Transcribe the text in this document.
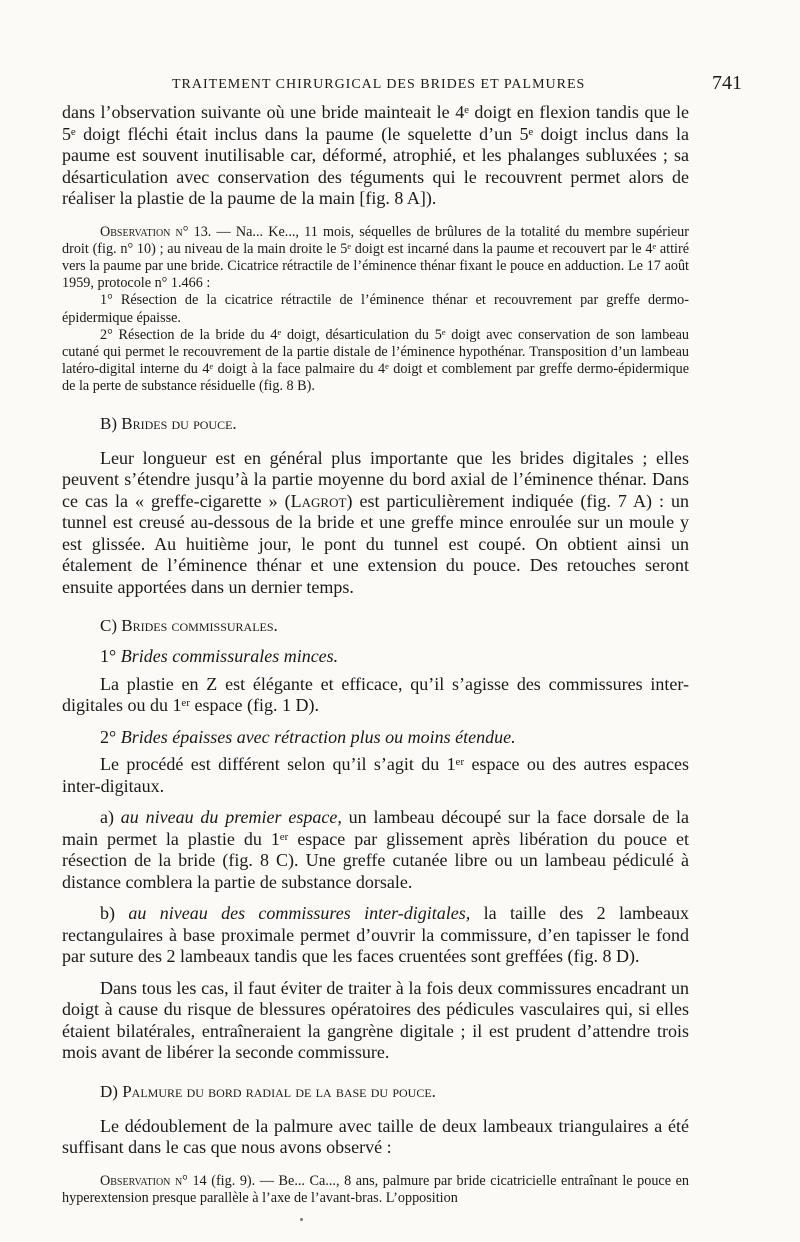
TRAITEMENT CHIRURGICAL DES BRIDES ET PALMURES	741

dans l’observation suivante où une bride mainteait le 4ᵉ doigt en flexion tandis que le 5ᵉ doigt fléchi était inclus dans la paume (le squelette d’un 5ᵉ doigt inclus dans la paume est souvent inutilisable car, déformé, atrophié, et les phalanges subluxées ; sa désarticulation avec conservation des téguments qui le recouvrent permet alors de réaliser la plastie de la paume de la main [fig. 8 A]).

Observation n° 13. — Na... Ke..., 11 mois, séquelles de brûlures de la totalité du membre supérieur droit (fig. n° 10) ; au niveau de la main droite le 5ᵉ doigt est incarné dans la paume et recouvert par le 4ᵉ attiré vers la paume par une bride. Cicatrice rétractile de l’éminence thénar fixant le pouce en adduction. Le 17 août 1959, protocole n° 1.466 :

1° Résection de la cicatrice rétractile de l’éminence thénar et recouvrement par greffe dermo-épidermique épaisse.

2° Résection de la bride du 4ᵉ doigt, désarticulation du 5ᵉ doigt avec conservation de son lambeau cutané qui permet le recouvrement de la partie distale de l’éminence hypothénar. Transposition d’un lambeau latéro-digital interne du 4ᵉ doigt à la face palmaire du 4ᵉ doigt et comblement par greffe dermo-épidermique de la perte de substance résiduelle (fig. 8 B).

B) Brides du pouce.

Leur longueur est en général plus importante que les brides digitales ; elles peuvent s’étendre jusqu’à la partie moyenne du bord axial de l’éminence thénar. Dans ce cas la « greffe-cigarette » (Lagrot) est particulièrement indiquée (fig. 7 A) : un tunnel est creusé au-dessous de la bride et une greffe mince enroulée sur un moule y est glissée. Au huitième jour, le pont du tunnel est coupé. On obtient ainsi un étalement de l’éminence thénar et une extension du pouce. Des retouches seront ensuite apportées dans un dernier temps.

C) Brides commissurales.

1° Brides commissurales minces.

La plastie en Z est élégante et efficace, qu’il s’agisse des commissures inter-digitales ou du 1ᵉʳ espace (fig. 1 D).

2° Brides épaisses avec rétraction plus ou moins étendue.

Le procédé est différent selon qu’il s’agit du 1ᵉʳ espace ou des autres espaces inter-digitaux.

a) au niveau du premier espace, un lambeau découpé sur la face dorsale de la main permet la plastie du 1ᵉʳ espace par glissement après libération du pouce et résection de la bride (fig. 8 C). Une greffe cutanée libre ou un lambeau pédiculé à distance comblera la partie de substance dorsale.

b) au niveau des commissures inter-digitales, la taille des 2 lambeaux rectangulaires à base proximale permet d’ouvrir la commissure, d’en tapisser le fond par suture des 2 lambeaux tandis que les faces cruentées sont greffées (fig. 8 D).

Dans tous les cas, il faut éviter de traiter à la fois deux commissures encadrant un doigt à cause du risque de blessures opératoires des pédicules vasculaires qui, si elles étaient bilatérales, entraîneraient la gangrène digitale ; il est prudent d’attendre trois mois avant de libérer la seconde commissure.

D) Palmure du bord radial de la base du pouce.

Le dédoublement de la palmure avec taille de deux lambeaux triangulaires a été suffisant dans le cas que nous avons observé :

Observation n° 14 (fig. 9). — Be... Ca..., 8 ans, palmure par bride cicatricielle entraînant le pouce en hyperextension presque parallèle à l’axe de l’avant-bras. L’opposition
